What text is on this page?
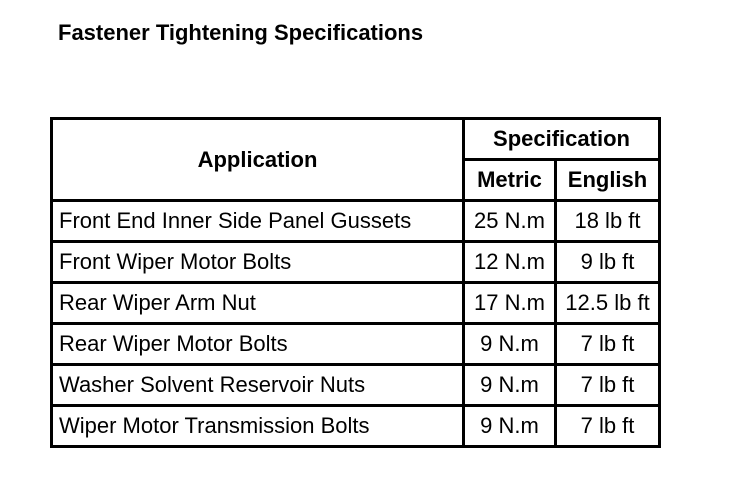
Fastener Tightening Specifications
Application	Specification	
	Metric	English
Front End Inner Side Panel Gussets	25 N.m	18 lb ft
Front Wiper Motor Bolts	12 N.m	9 lb ft
Rear Wiper Arm Nut	17 N.m	12.5 lb ft
Rear Wiper Motor Bolts	9 N.m	7 lb ft
Washer Solvent Reservoir Nuts	9 N.m	7 lb ft
Wiper Motor Transmission Bolts	9 N.m	7 lb ft
